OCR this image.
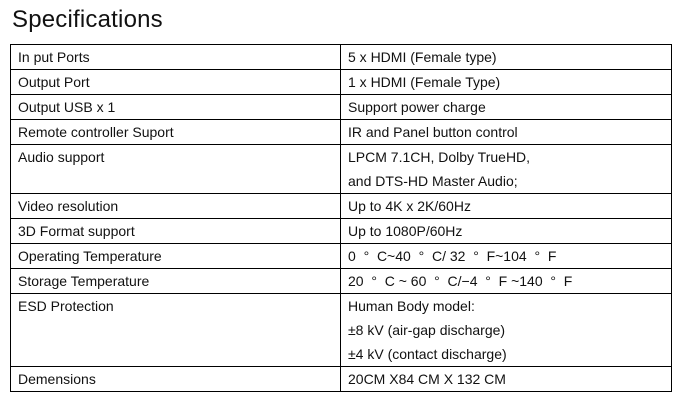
Specifications
In put Ports	5 x HDMI (Female type)

Output Port	1 x HDMI (Female Type)

Output USB x 1	Support power charge

Remote controller Suport	IR and Panel button control

Audio support	LPCM 7.1CH, Dolby TrueHD,
and DTS-HD Master Audio;

Video resolution	Up to 4K x 2K/60Hz

3D Format support	Up to 1080P/60Hz

Operating Temperature	0  °  C~40  °  C/ 32  °  F~104  °  F

Storage Temperature	20  °  C ~ 60  °  C/−4  °  F ~140  °  F

ESD Protection	Human Body model:
±8 kV (air-gap discharge)
±4 kV (contact discharge)

Demensions	20CM X84 CM X 132 CM
